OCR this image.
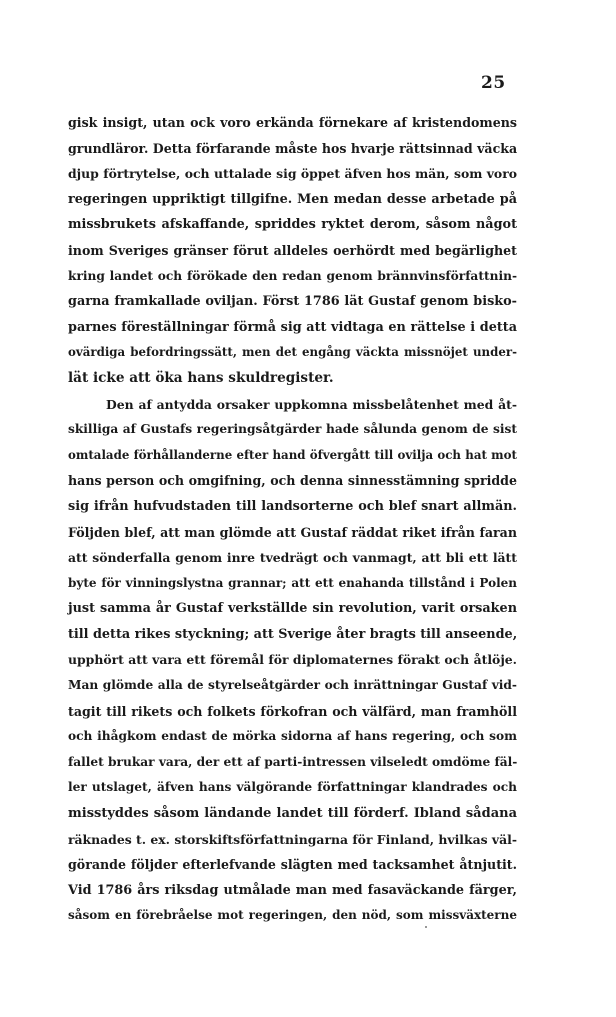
25
gisk insigt, utan ock voro erkända förnekare af kristendomens
grundläror. Detta förfarande måste hos hvarje rättsinnad väcka
djup förtrytelse, och uttalade sig öppet äfven hos män, som voro
regeringen uppriktigt tillgifne. Men medan desse arbetade på
missbrukets afskaffande, spriddes ryktet derom, såsom något
inom Sveriges gränser förut alldeles oerhördt med begärlighet
kring landet och förökade den redan genom brännvinsförfattnin-
garna framkallade oviljan. Först 1786 lät Gustaf genom bisko-
parnes föreställningar förmå sig att vidtaga en rättelse i detta
ovärdiga befordringssätt, men det engång väckta missnöjet under-
lät icke att öka hans skuldregister.
Den af antydda orsaker uppkomna missbelåtenhet med åt-
skilliga af Gustafs regeringsåtgärder hade sålunda genom de sist
omtalade förhållanderne efter hand öfvergått till ovilja och hat mot
hans person och omgifning, och denna sinnesstämning spridde
sig ifrån hufvudstaden till landsorterne och blef snart allmän.
Följden blef, att man glömde att Gustaf räddat riket ifrån faran
att sönderfalla genom inre tvedrägt och vanmagt, att bli ett lätt
byte för vinningslystna grannar; att ett enahanda tillstånd i Polen
just samma år Gustaf verkställde sin revolution, varit orsaken
till detta rikes styckning; att Sverige åter bragts till anseende,
upphört att vara ett föremål för diplomaternes förakt och åtlöje.
Man glömde alla de styrelseåtgärder och inrättningar Gustaf vid-
tagit till rikets och folkets förkofran och välfärd, man framhöll
och ihågkom endast de mörka sidorna af hans regering, och som
fallet brukar vara, der ett af parti-intressen vilseledt omdöme fäl-
ler utslaget, äfven hans välgörande författningar klandrades och
misstyddes såsom ländande landet till förderf. Ibland sådana
räknades t. ex. storskiftsförfattningarna för Finland, hvilkas väl-
görande följder efterlefvande slägten med tacksamhet åtnjutit.
Vid 1786 års riksdag utmålade man med fasaväckande färger,
såsom en förebråelse mot regeringen, den nöd, som missväxterne
